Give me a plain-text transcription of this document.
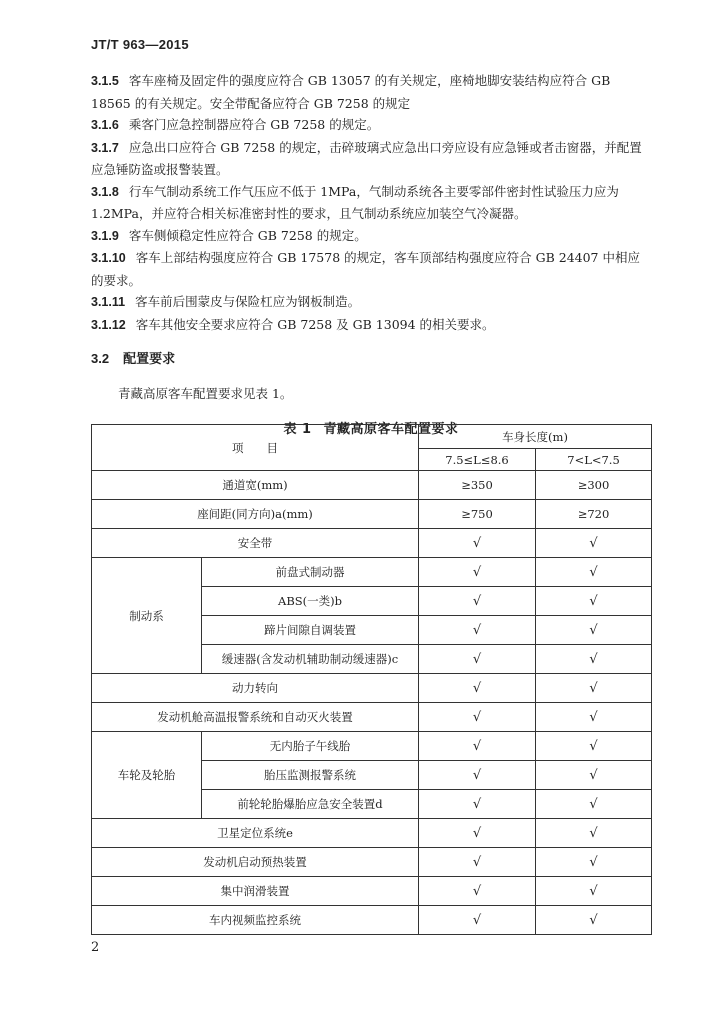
JT/T 963—2015

3.1.5 客车座椅及固定件的强度应符合 GB 13057 的有关规定，座椅地脚安装结构应符合 GB 18565 的有关规定。安全带配备应符合 GB 7258 的规定

3.1.6 乘客门应急控制器应符合 GB 7258 的规定。

3.1.7 应急出口应符合 GB 7258 的规定，击碎玻璃式应急出口旁应设有应急锤或者击窗器，并配置应急锤防盗或报警装置。

3.1.8 行车气制动系统工作气压应不低于 1MPa，气制动系统各主要零部件密封性试验压力应为 1.2MPa，并应符合相关标准密封性的要求，且气制动系统应加装空气冷凝器。

3.1.9 客车侧倾稳定性应符合 GB 7258 的规定。

3.1.10 客车上部结构强度应符合 GB 17578 的规定，客车顶部结构强度应符合 GB 24407 中相应的要求。

3.1.11 客车前后围蒙皮与保险杠应为钢板制造。

3.1.12 客车其他安全要求应符合 GB 7258 及 GB 13094 的相关要求。

3.2 配置要求
青藏高原客车配置要求见表 1。
表 1 青藏高原客车配置要求
项　　目		车身长度(m)	
		7.5≤L≤8.6	7<L<7.5
通道宽(mm)		≥350	≥300
座间距(同方向)a(mm)		≥750	≥720
安全带		√	√
制动系	前盘式制动器	√	√
	ABS(一类)b	√	√
	蹄片间隙自调装置	√	√
	缓速器(含发动机辅助制动缓速器)c	√	√
动力转向		√	√
发动机舱高温报警系统和自动灭火装置		√	√
车轮及轮胎	无内胎子午线胎	√	√
	胎压监测报警系统	√	√
	前轮轮胎爆胎应急安全装置d	√	√
卫星定位系统e		√	√
发动机启动预热装置		√	√
集中润滑装置		√	√
车内视频监控系统		√	√
2
